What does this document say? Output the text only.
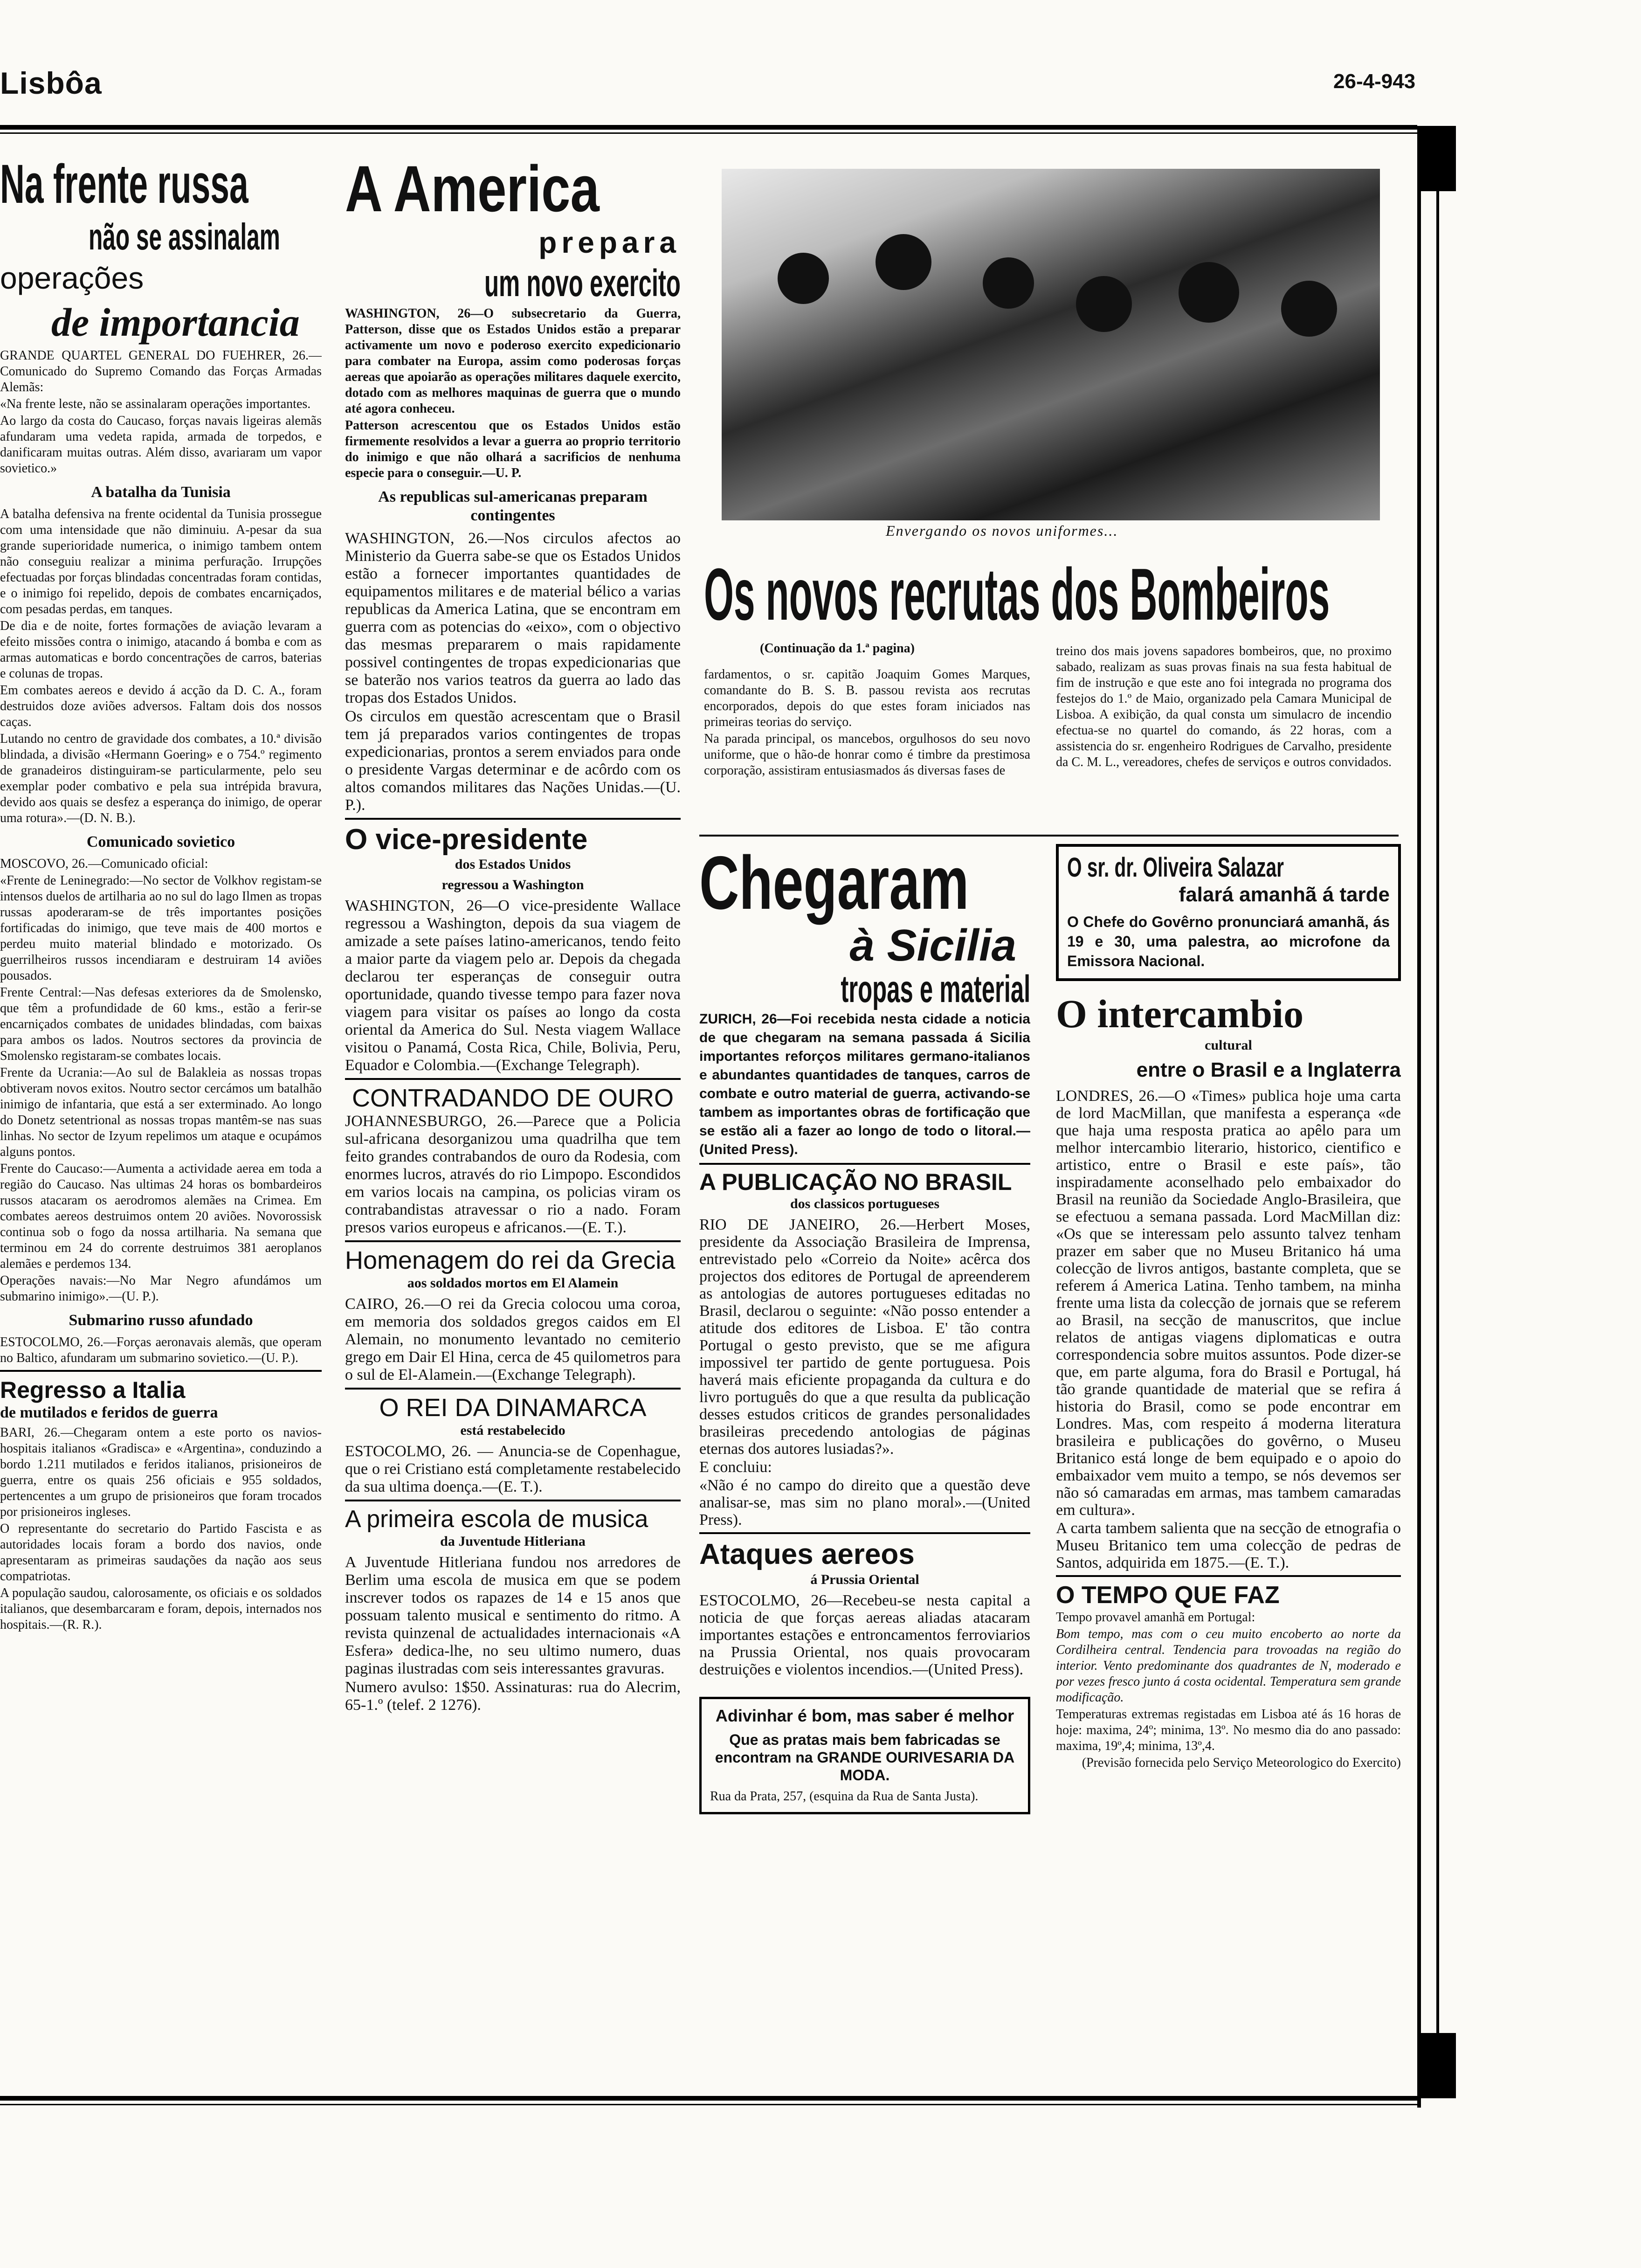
Lisbôa	26-4-943
Na frente russa
não se assinalam
operações
de importancia

GRANDE QUARTEL GENERAL DO FUEHRER, 26.—Comunicado do Supremo Comando das Forças Armadas Alemãs:

«Na frente leste, não se assinalaram operações importantes.

Ao largo da costa do Caucaso, forças navais ligeiras alemãs afundaram uma vedeta rapida, armada de torpedos, e danificaram muitas outras. Além disso, avariaram um vapor sovietico.»

A batalha da Tunisia

A batalha defensiva na frente ocidental da Tunisia prosseguе com uma intensidade que não diminuiu. A-pesar da sua grande superioridade numerica, o inimigo tambem ontem não conseguiu realizar a minima perfuração. Irrupções efectuadas por forças blindadas concentradas foram contidas, e o inimigo foi repelido, depois de combates encarniçados, com pesadas perdas, em tanques.

De dia e de noite, fortes formações de aviação levaram a efeito missões contra o inimigo, atacando á bomba e com as armas automaticas e bordo concentrações de carros, baterias e colunas de tropas.

Em combates aereos e devido á acção da D. C. A., foram destruidos doze aviões adversos. Faltam dois dos nossos caças.

Lutando no centro de gravidade dos combates, a 10.ª divisão blindada, a divisão «Hermann Goering» e o 754.º regimento de granadeiros distinguiram-se particularmente, pelo seu exemplar poder combativo e pela sua intrépida bravura, devido aos quais se desfez a esperança do inimigo, de operar uma rotura».—(D. N. B.).

Comunicado sovietico

MOSCOVO, 26.—Comunicado oficial:

«Frente de Leninegrado:—No sector de Volkhov registam-se intensos duelos de artilharia ao no sul do lago Ilmen as tropas russas apoderaram-se de três importantes posições fortificadas do inimigo, que teve mais de 400 mortos e perdeu muito material blindado e motorizado. Os guerrilheiros russos incendiaram e destruiram 14 aviões pousados.

Frente Central:—Nas defesas exteriores da de Smolensko, que têm a profundidade de 60 kms., estão a ferir-se encarniçados combates de unidades blindadas, com baixas para ambos os lados. Noutros sectores da provincia de Smolensko registaram-se combates locais.

Frente da Ucrania:—Ao sul de Balakleia as nossas tropas obtiveram novos exitos. Noutro sector cercámos um batalhão inimigo de infantaria, que está a ser exterminado. Ao longo do Donetz setentrional as nossas tropas mantêm-se nas suas linhas. No sector de Izyum repelimos um ataque e ocupámos alguns pontos.

Frente do Caucaso:—Aumenta a actividade aerea em toda a região do Caucaso. Nas ultimas 24 horas os bombardeiros russos atacaram os aerodromos alemães na Crimea. Em combates aereos destruimos ontem 20 aviões. Novorossisk continua sob o fogo da nossa artilharia. Na semana que terminou em 24 do corrente destruimos 381 aeroplanos alemães e perdemos 134.

Operações navais:—No Mar Negro afundámos um submarino inimigo».—(U. P.).

Submarino russo afundado

ESTOCOLMO, 26.—Forças aeronavais alemãs, que operam no Baltico, afundaram um submarino sovietico.—(U. P.).

Regresso a Italia
de mutilados e feridos de guerra

BARI, 26.—Chegaram ontem a este porto os navios-hospitais italianos «Gradisca» e «Argentina», conduzindo a bordo 1.211 mutilados e feridos italianos, prisioneiros de guerra, entre os quais 256 oficiais e 955 soldados, pertencentes a um grupo de prisioneiros que foram trocados por prisioneiros ingleses.

O representante do secretario do Partido Fascista e as autoridades locais foram a bordo dos navios, onde apresentaram as primeiras saudações da nação aos seus compatriotas.

A população saudou, calorosamente, os oficiais e os soldados italianos, que desembarcaram e foram, depois, internados nos hospitais.—(R. R.).

A America
prepara
um novo exercito

WASHINGTON, 26—O subsecretario da Guerra, Patterson, disse que os Estados Unidos estão a preparar activamente um novo e poderoso exercito expedicionario para combater na Europa, assim como poderosas forças aereas que apoiarão as operações militares daquele exercito, dotado com as melhores maquinas de guerra que o mundo até agora conheceu.

Patterson acrescentou que os Estados Unidos estão firmemente resolvidos a levar a guerra ao proprio territorio do inimigo e que não olhará a sacrificios de nenhuma especie para o conseguir.—U. P.

As republicas sul-americanas preparam contingentes

WASHINGTON, 26.—Nos circulos afectos ao Ministerio da Guerra sabe-se que os Estados Unidos estão a fornecer importantes quantidades de equipamentos militares e de material bélico a varias republicas da America Latina, que se encontram em guerra com as potencias do «eixo», com o objectivo das mesmas prepararem o mais rapidamente possivel contingentes de tropas expedicionarias que se baterão nos varios teatros da guerra ao lado das tropas dos Estados Unidos.

Os circulos em questão acrescentam que o Brasil tem já preparados varios contingentes de tropas expedicionarias, prontos a serem enviados para onde o presidente Vargas determinar e de acôrdo com os altos comandos militares das Nações Unidas.—(U. P.).

O vice-presidente
dos Estados Unidos
regressou a Washington

WASHINGTON, 26—O vice-presidente Wallace regressou a Washington, depois da sua viagem de amizade a sete países latino-americanos, tendo feito a maior parte da viagem pelo ar. Depois da chegada declarou ter esperanças de conseguir outra oportunidade, quando tivesse tempo para fazer nova viagem para visitar os países ao longo da costa oriental da America do Sul. Nesta viagem Wallace visitou o Panamá, Costa Rica, Chile, Bolivia, Peru, Equador e Colombia.—(Exchange Telegraph).

CONTRADANDO DE OURO

JOHANNESBURGO, 26.—Parece que a Policia sul-africana desorganizou uma quadrilha que tem feito grandes contrabandos de ouro da Rodesia, com enormes lucros, através do rio Limpopo. Escondidos em varios locais na campina, os policias viram os contrabandistas atravessar o rio a nado. Foram presos varios europeus e africanos.—(E. T.).

Homenagem do rei da Grecia
aos soldados mortos em El Alamein

CAIRO, 26.—O rei da Grecia colocou uma coroa, em memoria dos soldados gregos caidos em El Alemain, no monumento levantado no cemiterio grego em Dair El Hina, cerca de 45 quilometros para o sul de El-Alamein.—(Exchange Telegraph).

O REI DA DINAMARCA
está restabelecido

ESTOCOLMO, 26. — Anuncia-se de Copenhague, que o rei Cristiano está completamente restabelecido da sua ultima doença.—(E. T.).

A primeira escola de musica
da Juventude Hitleriana

A Juventude Hitleriana fundou nos arredores de Berlim uma escola de musica em que se podem inscrever todos os rapazes de 14 e 15 anos que possuam talento musical e sentimento do ritmo. A revista quinzenal de actualidades internacionais «A Esfera» dedica-lhe, no seu ultimo numero, duas paginas ilustradas com seis interessantes gravuras.

Numero avulso: 1$50. Assinaturas: rua do Alecrim, 65-1.º (telef. 2 1276).

Envergando os novos uniformes...
Os novos recrutas dos Bombeiros
(Continuação da 1.ª pagina)

fardamentos, o sr. capitão Joaquim Gomes Marques, comandante do B. S. B. passou revista aos recrutas encorporados, depois do que estes foram iniciados nas primeiras teorias do serviço.

Na parada principal, os mancebos, orgulhosos do seu novo uniforme, que o hão-de honrar como é timbre da prestimosa corporação, assistiram entusiasmados ás diversas fases de

treino dos mais jovens sapadores bombeiros, que, no proximo sabado, realizam as suas provas finais na sua festa habitual de fim de instrução e que este ano foi integrada no programa dos festejos do 1.º de Maio, organizado pela Camara Municipal de Lisboa. A exibição, da qual consta um simulacro de incendio efectua-se no quartel do comando, ás 22 horas, com a assistencia do sr. engenheiro Rodrigues de Carvalho, presidente da C. M. L., vereadores, chefes de serviços e outros convidados.

Chegaram
à Sicilia
tropas e material

ZURICH, 26—Foi recebida nesta cidade a noticia de que chegaram na semana passada á Sicilia importantes reforços militares germano-italianos e abundantes quantidades de tanques, carros de combate e outro material de guerra, activando-se tambem as importantes obras de fortificação que se estão ali a fazer ao longo de todo o litoral.—(United Press).

A PUBLICAÇÃO NO BRASIL
dos classicos portugueses

RIO DE JANEIRO, 26.—Herbert Moses, presidente da Associação Brasileira de Imprensa, entrevistado pelo «Correio da Noite» acêrca dos projectos dos editores de Portugal de apreenderem as antologias de autores portugueses editadas no Brasil, declarou o seguinte: «Não posso entender a atitude dos editores de Lisboa. E' tão contra Portugal o gesto previsto, que se me afigura impossivel ter partido de gente portuguesa. Pois haverá mais eficiente propaganda da cultura e do livro português do que a que resulta da publicação desses estudos criticos de grandes personalidades brasileiras precedendo antologias de páginas eternas dos autores lusiadas?».

E concluiu:

«Não é no campo do direito que a questão deve analisar-se, mas sim no plano moral».—(United Press).

Ataques aereos
á Prussia Oriental

ESTOCOLMO, 26—Recebeu-se nesta capital a noticia de que forças aereas aliadas atacaram importantes estações e entroncamentos ferroviarios na Prussia Oriental, nos quais provocaram destruições e violentos incendios.—(United Press).

Adivinhar é bom, mas saber é melhor
Que as pratas mais bem fabricadas se encontram na GRANDE OURIVESARIA DA MODA.
Rua da Prata, 257, (esquina da Rua de Santa Justa).
O sr. dr. Oliveira Salazar
falará amanhã á tarde

O Chefe do Govêrno pronunciará amanhã, ás 19 e 30, uma palestra, ao microfone da Emissora Nacional.

O intercambio
cultural
entre o Brasil e a Inglaterra

LONDRES, 26.—O «Times» publica hoje uma carta de lord MacMillan, que manifesta a esperança «de que haja uma resposta pratica ao apêlo para um melhor intercambio literario, historico, cientifico e artistico, entre o Brasil e este país», tão inspiradamente aconselhado pelo embaixador do Brasil na reunião da Sociedade Anglo-Brasileira, que se efectuou a semana passada. Lord MacMillan diz: «Os que se interessam pelo assunto talvez tenham prazer em saber que no Museu Britanico há uma colecção de livros antigos, bastante completa, que se referem á America Latina. Tenho tambem, na minha frente uma lista da colecção de jornais que se referem ao Brasil, na secção de manuscritos, que inclue relatos de antigas viagens diplomaticas e outra correspondencia sobre muitos assuntos. Pode dizer-se que, em parte alguma, fora do Brasil e Portugal, há tão grande quantidade de material que se refira á historia do Brasil, como se pode encontrar em Londres. Mas, com respeito á moderna literatura brasileira e publicações do govêrno, o Museu Britanico está longe de bem equipado e o apoio do embaixador vem muito a tempo, se nós devemos ser não só camaradas em armas, mas tambem camaradas em cultura».

A carta tambem salienta que na secção de etnografia o Museu Britanico tem uma colecção de pedras de Santos, adquirida em 1875.—(E. T.).

O TEMPO QUE FAZ

Tempo provavel amanhã em Portugal:

Bom tempo, mas com o ceu muito encoberto ao norte da Cordilheira central. Tendencia para trovoadas na região do interior. Vento predominante dos quadrantes de N, moderado e por vezes fresco junto á costa ocidental. Temperatura sem grande modificação.

Temperaturas extremas registadas em Lisboa até ás 16 horas de hoje: maxima, 24º; minima, 13º. No mesmo dia do ano passado: maxima, 19º,4; minima, 13º,4.

(Previsão fornecida pelo Serviço Meteorologico do Exercito)
